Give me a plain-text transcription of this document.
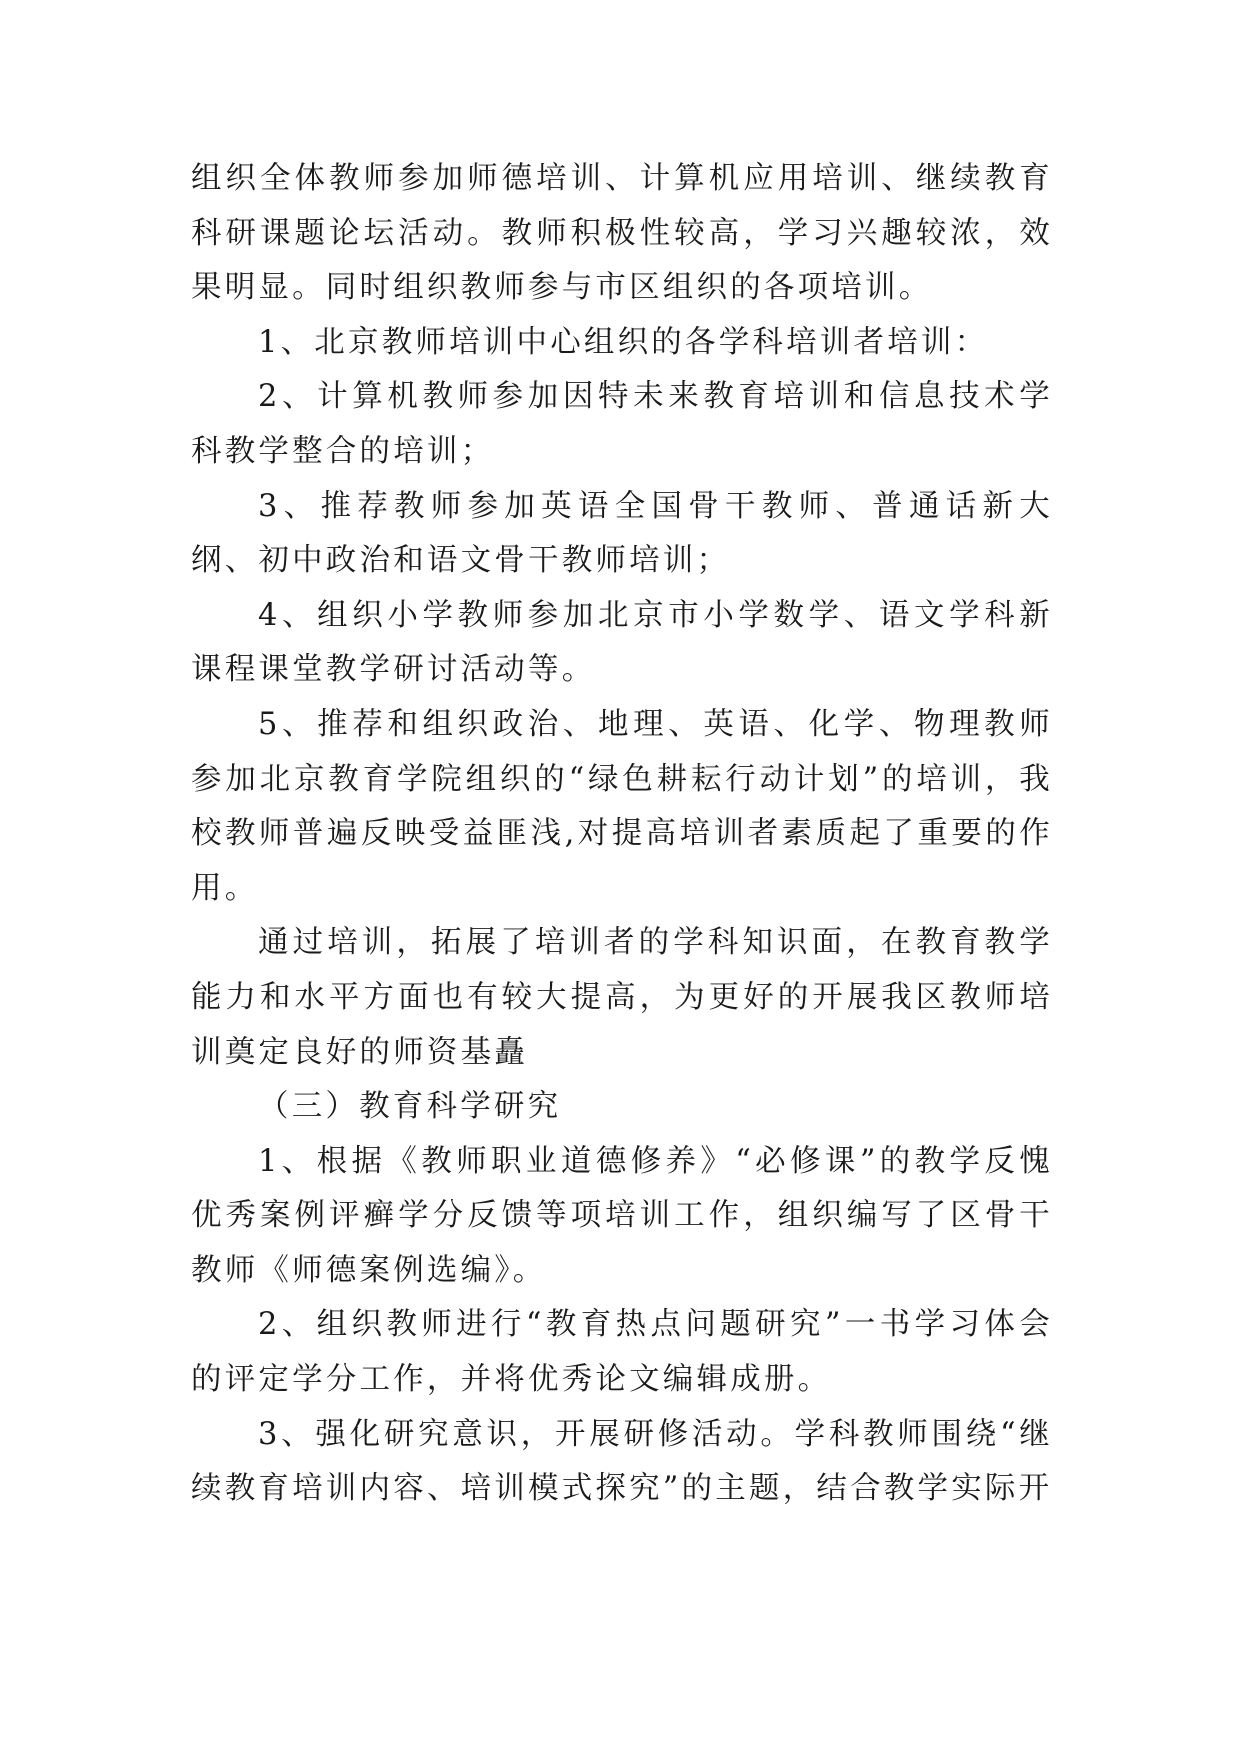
组织全体教师参加师德培训、计算机应用培训、继续教育科研课题论坛活动。教师积极性较高，学习兴趣较浓，效果明显。同时组织教师参与市区组织的各项培训。

1、北京教师培训中心组织的各学科培训者培训：

2、计算机教师参加因特未来教育培训和信息技术学科教学整合的培训；

3、推荐教师参加英语全国骨干教师、普通话新大纲、初中政治和语文骨干教师培训；

4、组织小学教师参加北京市小学数学、语文学科新课程课堂教学研讨活动等。

5、推荐和组织政治、地理、英语、化学、物理教师参加北京教育学院组织的“绿色耕耘行动计划”的培训，我校教师普遍反映受益匪浅,对提高培训者素质起了重要的作用。

通过培训，拓展了培训者的学科知识面，在教育教学能力和水平方面也有较大提高，为更好的开展我区教师培训奠定良好的师资基矗

（三）教育科学研究

1、根据《教师职业道德修养》“必修课”的教学反愧优秀案例评癣学分反馈等项培训工作，组织编写了区骨干教师《师德案例选编》。

2、组织教师进行“教育热点问题研究”一书学习体会的评定学分工作，并将优秀论文编辑成册。

3、强化研究意识，开展研修活动。学科教师围绕“继续教育培训内容、培训模式探究”的主题，结合教学实际开
